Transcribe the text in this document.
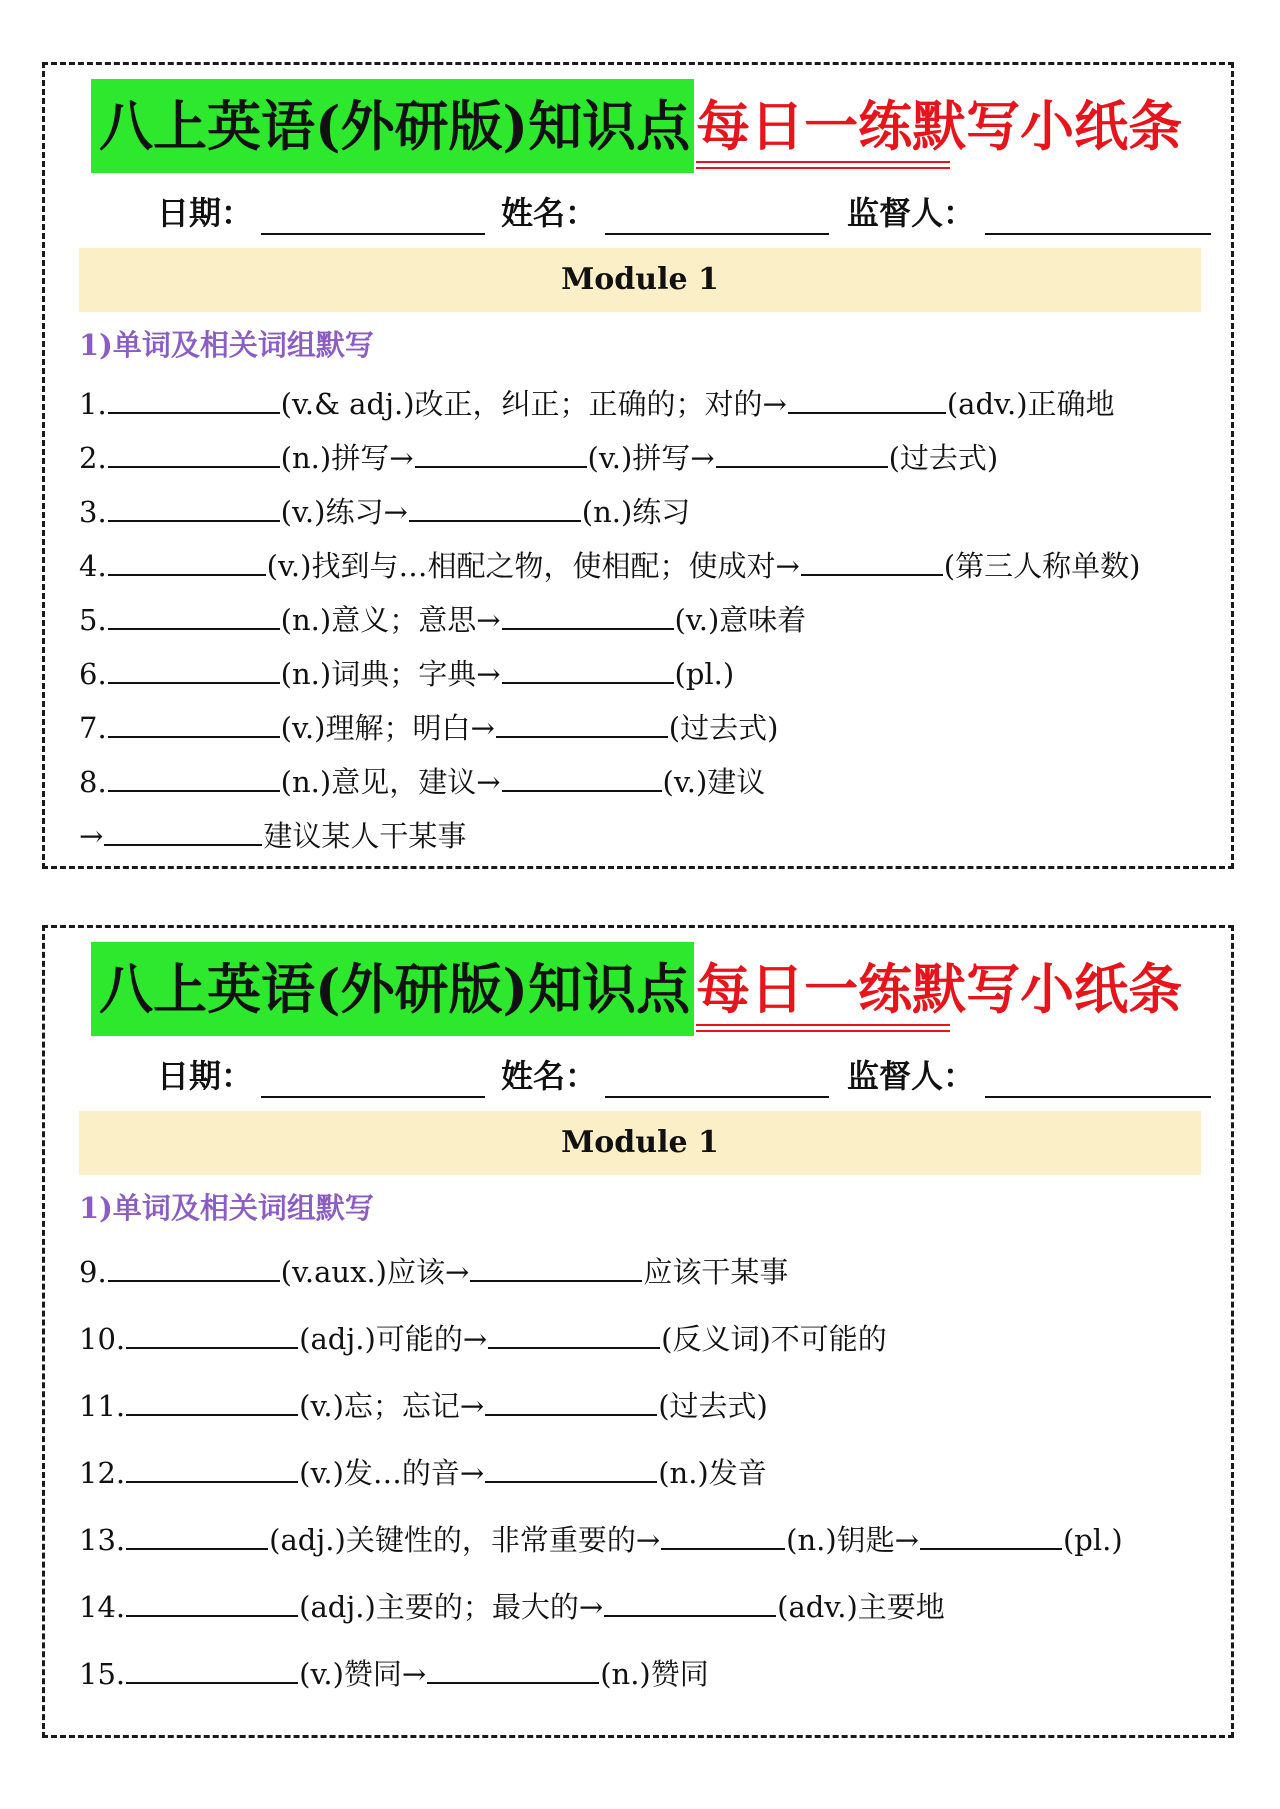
八上英语(外研版)知识点 每日一练默写小纸条
日期：	姓名：	监督人：
Module 1
1)单词及相关词组默写
1.	(v.& adj.)改正，纠正；正确的；对的→	(adv.)正确地
2.	(n.)拼写→	(v.)拼写→	(过去式)
3.	(v.)练习→	(n.)练习
4.	(v.)找到与…相配之物，使相配；使成对→	(第三人称单数)
5.	(n.)意义；意思→	(v.)意味着
6.	(n.)词典；字典→	(pl.)
7.	(v.)理解；明白→	(过去式)
8.	(n.)意见，建议→	(v.)建议
→	建议某人干某事
八上英语(外研版)知识点 每日一练默写小纸条
日期：	姓名：	监督人：
Module 1
1)单词及相关词组默写
9.	(v.aux.)应该→	应该干某事
10.	(adj.)可能的→	(反义词)不可能的
11.	(v.)忘；忘记→	(过去式)
12.	(v.)发…的音→	(n.)发音
13.	(adj.)关键性的，非常重要的→	(n.)钥匙→	(pl.)
14.	(adj.)主要的；最大的→	(adv.)主要地
15.	(v.)赞同→	(n.)赞同
